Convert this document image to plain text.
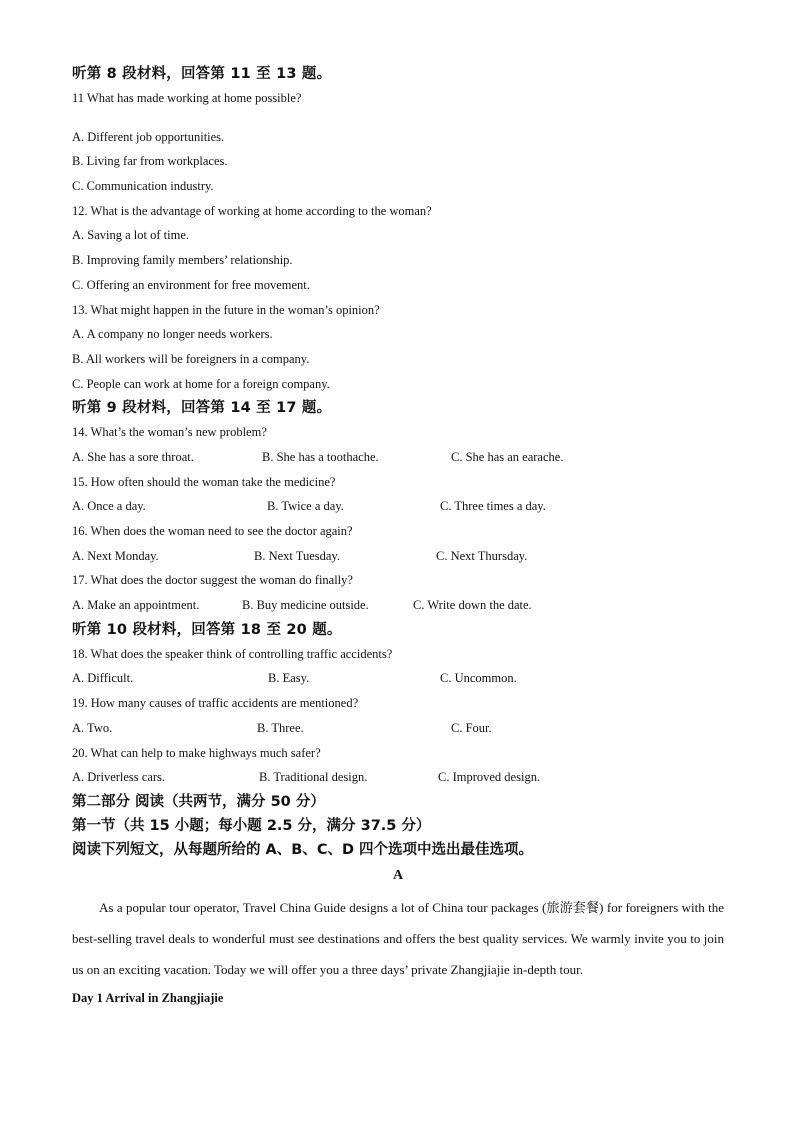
听第 8 段材料，回答第 11 至 13 题。
11 What has made working at home possible?
A. Different job opportunities.
B. Living far from workplaces.
C. Communication industry.
12. What is the advantage of working at home according to the woman?
A. Saving a lot of time.
B. Improving family members’ relationship.
C. Offering an environment for free movement.
13. What might happen in the future in the woman’s opinion?
A. A company no longer needs workers.
B. All workers will be foreigners in a company.
C. People can work at home for a foreign company.
听第 9 段材料，回答第 14 至 17 题。
14. What’s the woman’s new problem?
A. She has a sore throat.	B. She has a toothache.	C. She has an earache.
15. How often should the woman take the medicine?
A. Once a day.	B. Twice a day.	C. Three times a day.
16. When does the woman need to see the doctor again?
A. Next Monday.	B. Next Tuesday.	C. Next Thursday.
17. What does the doctor suggest the woman do finally?
A. Make an appointment.	B. Buy medicine outside.	C. Write down the date.
听第 10 段材料，回答第 18 至 20 题。
18. What does the speaker think of controlling traffic accidents?
A. Difficult.	B. Easy.	C. Uncommon.
19. How many causes of traffic accidents are mentioned?
A. Two.	B. Three.	C. Four.
20. What can help to make highways much safer?
A. Driverless cars.	B. Traditional design.	C. Improved design.
第二部分 阅读（共两节，满分 50 分）
第一节（共 15 小题；每小题 2.5 分，满分 37.5 分）
阅读下列短文，从每题所给的 A、B、C、D 四个选项中选出最佳选项。
A
As a popular tour operator, Travel China Guide designs a lot of China tour packages (旅游套餐) for foreigners with the best-selling travel deals to wonderful must see destinations and offers the best quality services. We warmly invite you to join us on an exciting vacation. Today we will offer you a three days’ private Zhangjiajie in-depth tour.
Day 1 Arrival in Zhangjiajie
